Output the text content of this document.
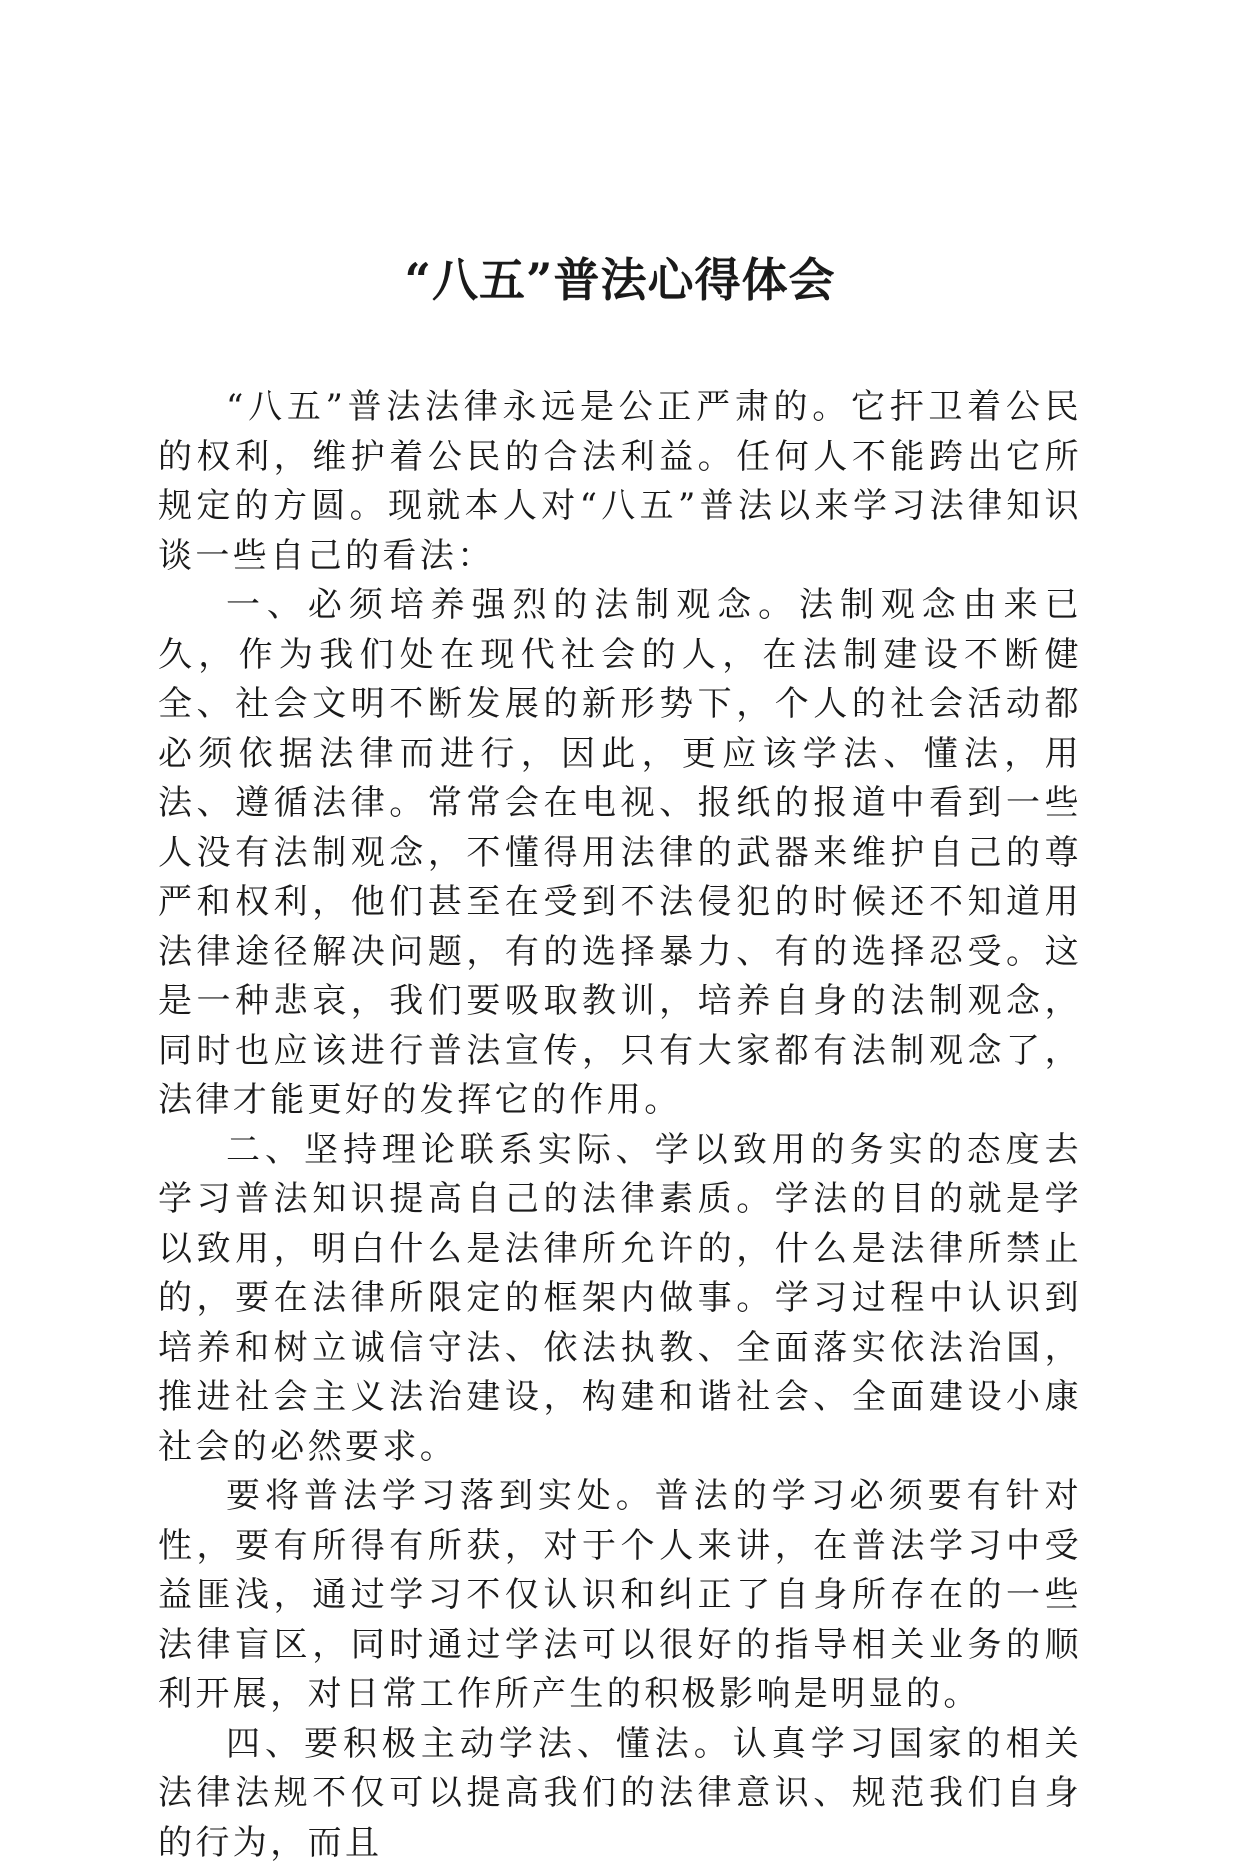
“八五”普法心得体会

“八五”普法法律永远是公正严肃的。它扞卫着公民的权利，维护着公民的合法利益。任何人不能跨出它所规定的方圆。现就本人对“八五”普法以来学习法律知识谈一些自己的看法：

一、必须培养强烈的法制观念。法制观念由来已久，作为我们处在现代社会的人，在法制建设不断健全、社会文明不断发展的新形势下，个人的社会活动都必须依据法律而进行，因此，更应该学法、懂法，用法、遵循法律。常常会在电视、报纸的报道中看到一些人没有法制观念，不懂得用法律的武器来维护自己的尊严和权利，他们甚至在受到不法侵犯的时候还不知道用法律途径解决问题，有的选择暴力、有的选择忍受。这是一种悲哀，我们要吸取教训，培养自身的法制观念，同时也应该进行普法宣传，只有大家都有法制观念了，法律才能更好的发挥它的作用。

二、坚持理论联系实际、学以致用的务实的态度去学习普法知识提高自己的法律素质。学法的目的就是学以致用，明白什么是法律所允许的，什么是法律所禁止的，要在法律所限定的框架内做事。学习过程中认识到培养和树立诚信守法、依法执教、全面落实依法治国，推进社会主义法治建设，构建和谐社会、全面建设小康社会的必然要求。

要将普法学习落到实处。普法的学习必须要有针对性，要有所得有所获，对于个人来讲，在普法学习中受益匪浅，通过学习不仅认识和纠正了自身所存在的一些法律盲区，同时通过学法可以很好的指导相关业务的顺利开展，对日常工作所产生的积极影响是明显的。

四、要积极主动学法、懂法。认真学习国家的相关法律法规不仅可以提高我们的法律意识、规范我们自身的行为，而且
